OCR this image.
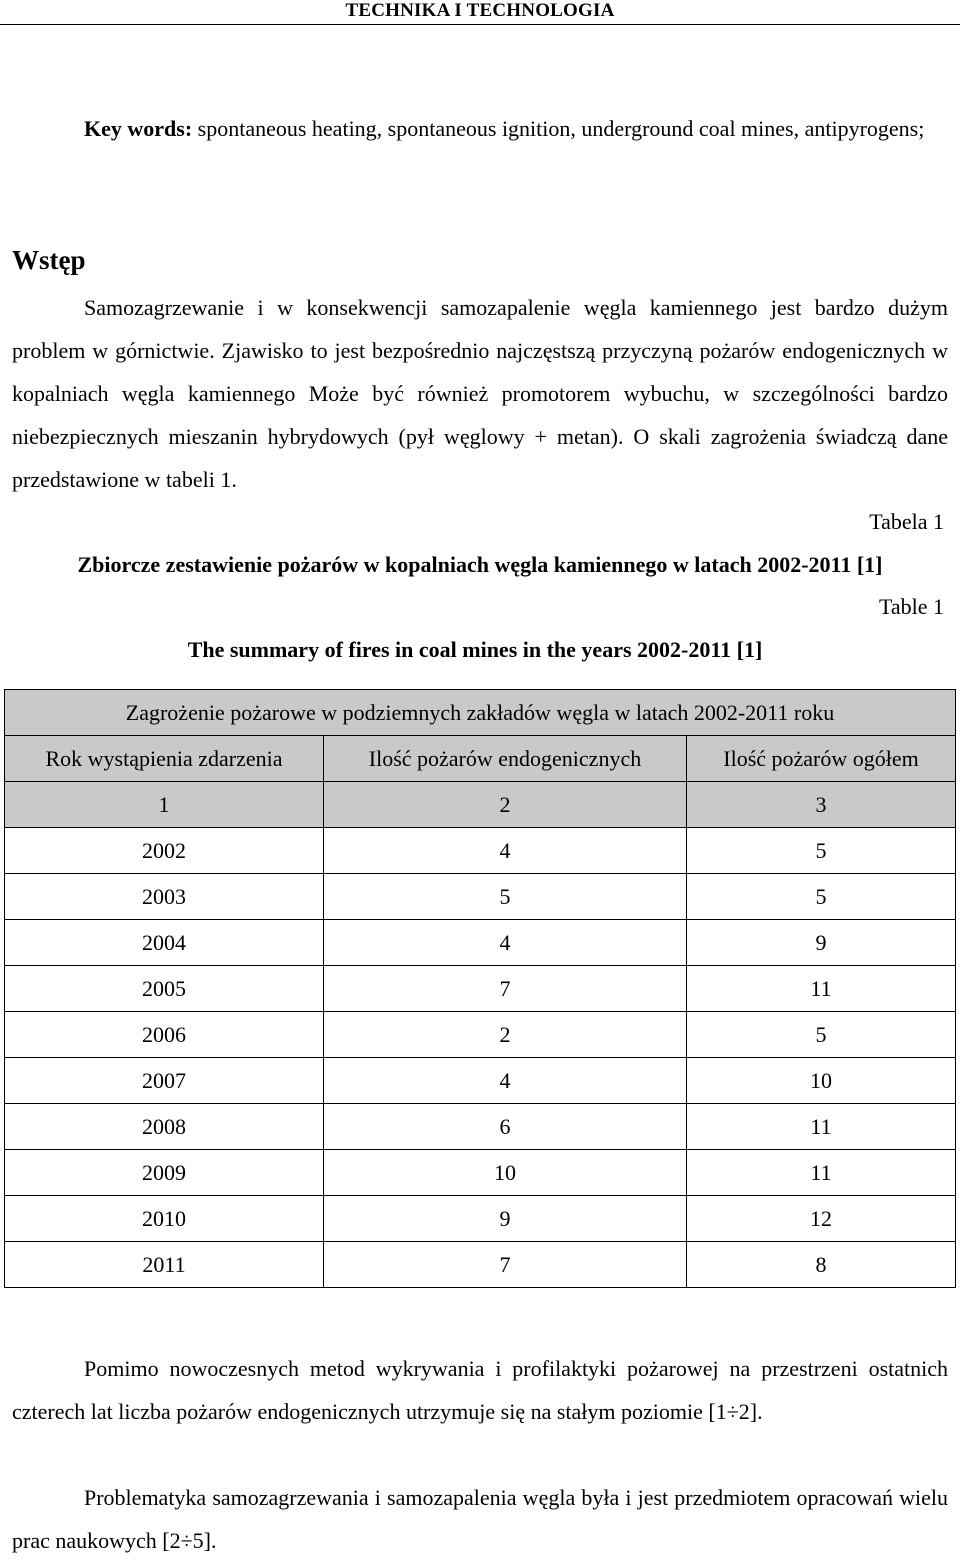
TECHNIKA I TECHNOLOGIA
Key words: spontaneous heating, spontaneous ignition, underground coal mines, antipyrogens;
Wstęp
Samozagrzewanie i w konsekwencji samozapalenie węgla kamiennego jest bardzo dużym problem w górnictwie. Zjawisko to jest bezpośrednio najczęstszą przyczyną pożarów endogenicznych w kopalniach węgla kamiennego Może być również promotorem wybuchu, w szczególności bardzo niebezpiecznych mieszanin hybrydowych (pył węglowy + metan). O skali zagrożenia świadczą dane przedstawione w tabeli 1.
Tabela 1
Zbiorcze zestawienie pożarów w kopalniach węgla kamiennego w latach 2002-2011 [1]
Table 1
The summary of fires in coal mines in the years 2002-2011 [1]
Zagrożenie pożarowe w podziemnych zakładów węgla w latach 2002-2011 roku		
Rok wystąpienia zdarzenia	Ilość pożarów endogenicznych	Ilość pożarów ogółem
1	2	3
2002	4	5
2003	5	5
2004	4	9
2005	7	11
2006	2	5
2007	4	10
2008	6	11
2009	10	11
2010	9	12
2011	7	8
Pomimo nowoczesnych metod wykrywania i profilaktyki pożarowej na przestrzeni ostatnich czterech lat liczba pożarów endogenicznych utrzymuje się na stałym poziomie [1÷2].
Problematyka samozagrzewania i samozapalenia węgla była i jest przedmiotem opracowań wielu prac naukowych [2÷5].
